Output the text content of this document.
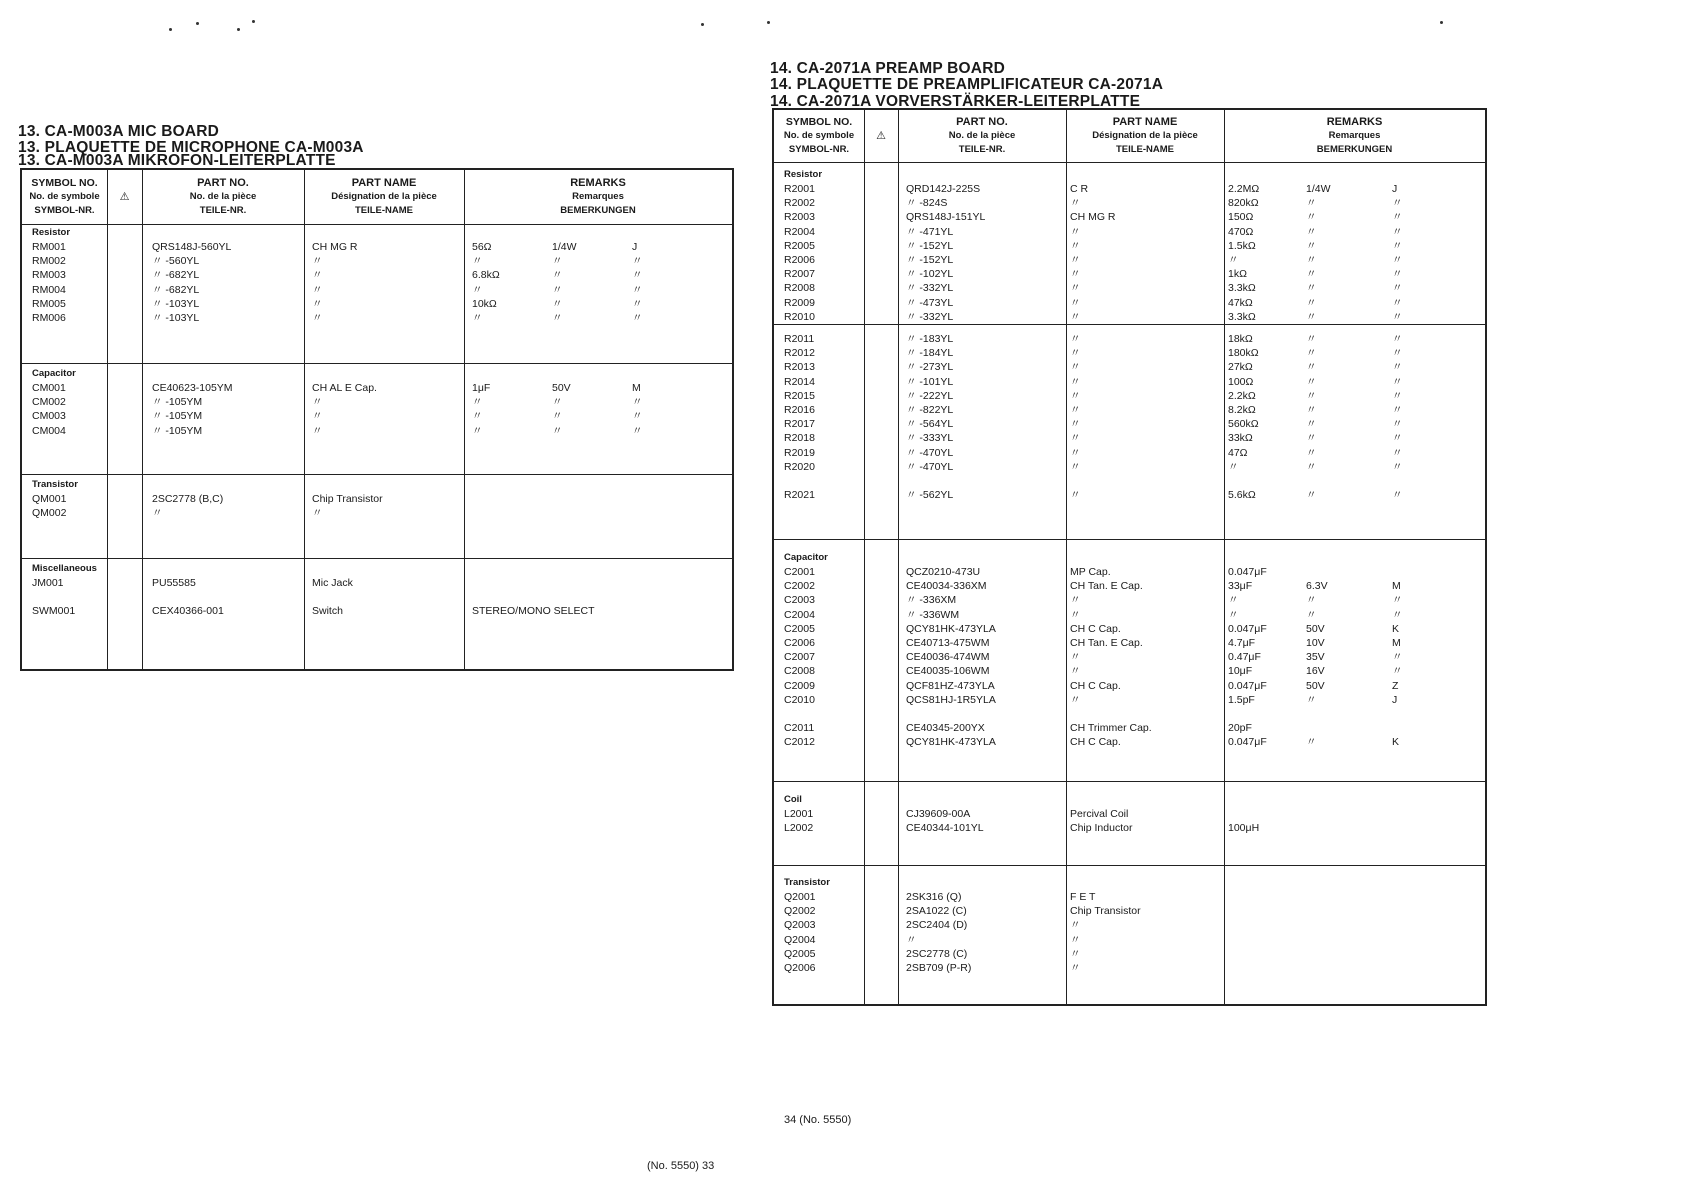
13. CA-M003A MIC BOARD
13. PLAQUETTE DE MICROPHONE CA-M003A
13. CA-M003A MIKROFON-LEITERPLATTE
SYMBOL NO.
No. de symbole
SYMBOL-NR.
⚠
PART NO.
No. de la pièce
TEILE-NR.
PART NAME
Désignation de la pièce
TEILE-NAME
REMARKS
Remarques
BEMERKUNGEN
Resistor
RM001	QRS148J-560YL	CH MG R	56Ω	1/4W	J
RM002	〃 -560YL	〃	〃	〃	〃
RM003	〃 -682YL	〃	6.8kΩ	〃	〃
RM004	〃 -682YL	〃	〃	〃	〃
RM005	〃 -103YL	〃	10kΩ	〃	〃
RM006	〃 -103YL	〃	〃	〃	〃
Capacitor
CM001	CE40623-105YM	CH AL E Cap.	1μF	50V	M
CM002	〃 -105YM	〃	〃	〃	〃
CM003	〃 -105YM	〃	〃	〃	〃
CM004	〃 -105YM	〃	〃	〃	〃
Transistor
QM001	2SC2778 (B,C)	Chip Transistor
QM002	〃	〃
Miscellaneous
JM001	PU55585	Mic Jack
SWM001	CEX40366-001	Switch	STEREO/MONO SELECT
(No. 5550) 33
14. CA-2071A PREAMP BOARD
14. PLAQUETTE DE PREAMPLIFICATEUR CA-2071A
14. CA-2071A VORVERSTÄRKER-LEITERPLATTE
SYMBOL NO.
No. de symbole
SYMBOL-NR.
⚠
PART NO.
No. de la pièce
TEILE-NR.
PART NAME
Désignation de la pièce
TEILE-NAME
REMARKS
Remarques
BEMERKUNGEN
Resistor
R2001	QRD142J-225S	C R	2.2MΩ	1/4W	J
R2002	〃 -824S	〃	820kΩ	〃	〃
R2003	QRS148J-151YL	CH MG R	150Ω	〃	〃
R2004	〃 -471YL	〃	470Ω	〃	〃
R2005	〃 -152YL	〃	1.5kΩ	〃	〃
R2006	〃 -152YL	〃	〃	〃	〃
R2007	〃 -102YL	〃	1kΩ	〃	〃
R2008	〃 -332YL	〃	3.3kΩ	〃	〃
R2009	〃 -473YL	〃	47kΩ	〃	〃
R2010	〃 -332YL	〃	3.3kΩ	〃	〃
R2011	〃 -183YL	〃	18kΩ	〃	〃
R2012	〃 -184YL	〃	180kΩ	〃	〃
R2013	〃 -273YL	〃	27kΩ	〃	〃
R2014	〃 -101YL	〃	100Ω	〃	〃
R2015	〃 -222YL	〃	2.2kΩ	〃	〃
R2016	〃 -822YL	〃	8.2kΩ	〃	〃
R2017	〃 -564YL	〃	560kΩ	〃	〃
R2018	〃 -333YL	〃	33kΩ	〃	〃
R2019	〃 -470YL	〃	47Ω	〃	〃
R2020	〃 -470YL	〃	〃	〃	〃
R2021	〃 -562YL	〃	5.6kΩ	〃	〃
Capacitor
C2001	QCZ0210-473U	MP Cap.	0.047μF
C2002	CE40034-336XM	CH Tan. E Cap.	33μF	6.3V	M
C2003	〃 -336XM	〃	〃	〃	〃
C2004	〃 -336WM	〃	〃	〃	〃
C2005	QCY81HK-473YLA	CH C Cap.	0.047μF	50V	K
C2006	CE40713-475WM	CH Tan. E Cap.	4.7μF	10V	M
C2007	CE40036-474WM	〃	0.47μF	35V	〃
C2008	CE40035-106WM	〃	10μF	16V	〃
C2009	QCF81HZ-473YLA	CH C Cap.	0.047μF	50V	Z
C2010	QCS81HJ-1R5YLA	〃	1.5pF	〃	J
C2011	CE40345-200YX	CH Trimmer Cap.	20pF
C2012	QCY81HK-473YLA	CH C Cap.	0.047μF	〃	K
Coil
L2001	CJ39609-00A	Percival Coil
L2002	CE40344-101YL	Chip Inductor	100μH
Transistor
Q2001	2SK316 (Q)	F E T
Q2002	2SA1022 (C)	Chip Transistor
Q2003	2SC2404 (D)	〃
Q2004	〃	〃
Q2005	2SC2778 (C)	〃
Q2006	2SB709 (P-R)	〃
34 (No. 5550)
